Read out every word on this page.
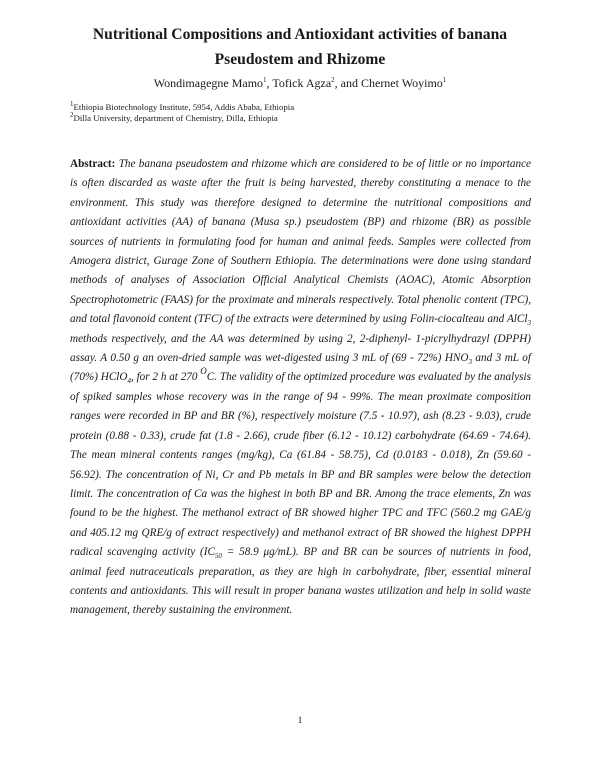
Nutritional Compositions and Antioxidant activities of banana
Pseudostem and Rhizome
Wondimagegne Mamo$^1$, Tofick Agza$^2$, and Chernet Woyimo$^1$
$^1$Ethiopia Biotechnology Institute, 5954, Addis Ababa, Ethiopia
$^2$Dilla University, department of Chemistry, Dilla, Ethiopia
Abstract: The banana pseudostem and rhizome which are considered to be of little or no importance is often discarded as waste after the fruit is being harvested, thereby constituting a menace to the environment. This study was therefore designed to determine the nutritional compositions and antioxidant activities (AA) of banana (Musa sp.) pseudostem (BP) and rhizome (BR) as possible sources of nutrients in formulating food for human and animal feeds. Samples were collected from Amogera district, Gurage Zone of Southern Ethiopia. The determinations were done using standard methods of analyses of Association Official Analytical Chemists (AOAC), Atomic Absorption Spectrophotometric (FAAS) for the proximate and minerals respectively. Total phenolic content (TPC), and total flavonoid content (TFC) of the extracts were determined by using Folin-ciocalteau and AlCl$_3$ methods respectively, and the AA was determined by using 2, 2-diphenyl- 1-picrylhydrazyl (DPPH) assay. A 0.50 g an oven-dried sample was wet-digested using 3 mL of (69 - 72%) $HNO_3$ and 3 mL of (70%) HClO$_4$, for 2 h at 270 $^O$C. The validity of the optimized procedure was evaluated by the analysis of spiked samples whose recovery was in the range of 94 - 99%. The mean proximate composition ranges were recorded in BP and BR (%), respectively moisture (7.5 - 10.97), ash (8.23 - 9.03), crude protein (0.88 - 0.33), crude fat (1.8 - 2.66), crude fiber (6.12 - 10.12) carbohydrate (64.69 - 74.64). The mean mineral contents ranges (mg/kg), Ca (61.84 - 58.75), Cd (0.0183 - 0.018), Zn (59.60 - 56.92). The concentration of Ni, Cr and Pb metals in BP and BR samples were below the detection limit. The concentration of Ca was the highest in both BP and BR. Among the trace elements, Zn was found to be the highest. The methanol extract of BR showed higher TPC and TFC (560.2 mg GAE/g and 405.12 mg QRE/g of extract respectively) and methanol extract of BR showed the highest DPPH radical scavenging activity ($IC_{50} = 58.9$ μg/mL). BP and BR can be sources of nutrients in food, animal feed nutraceuticals preparation, as they are high in carbohydrate, fiber, essential mineral contents and antioxidants. This will result in proper banana wastes utilization and help in solid waste management, thereby sustaining the environment.
1
